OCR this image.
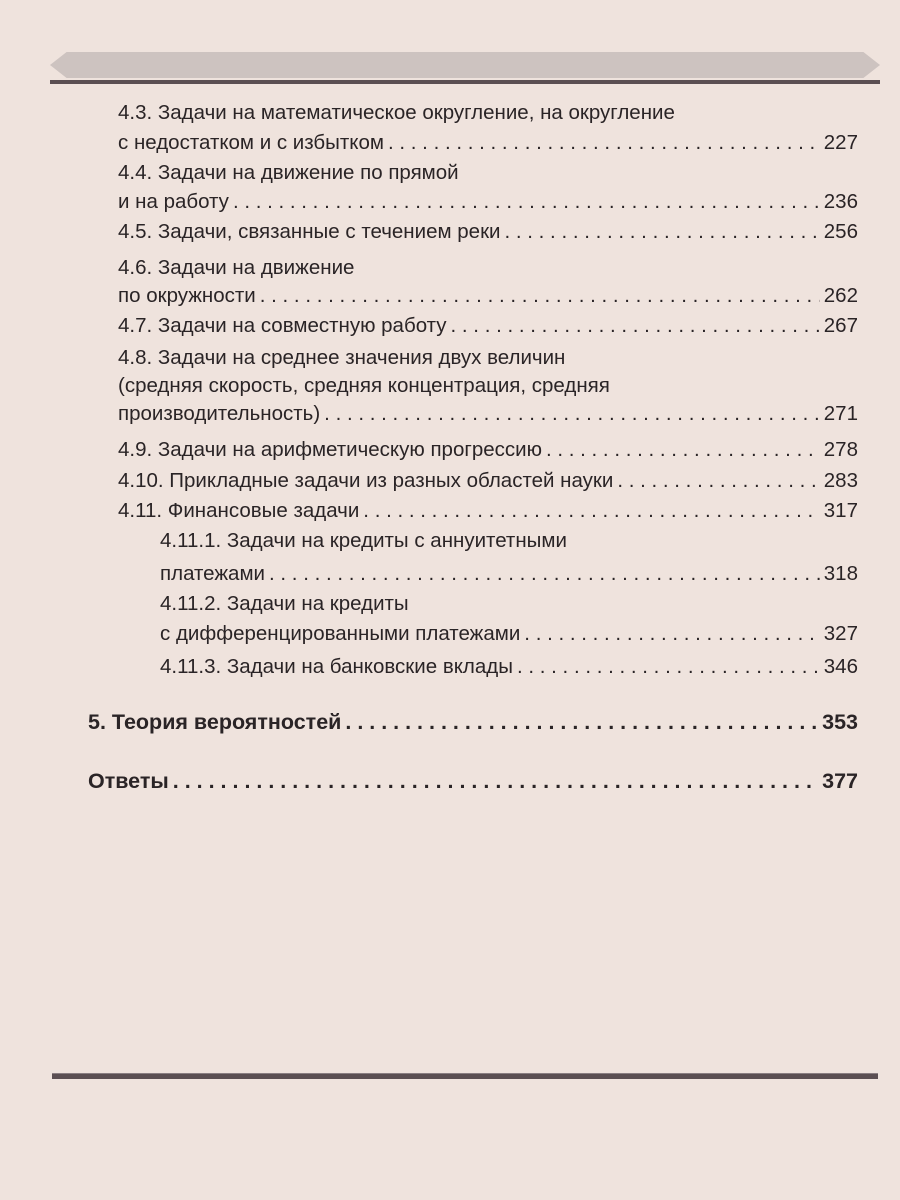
4.3. Задачи на математическое округление, на округление
с недостатком и с избытком . . .	227
4.4. Задачи на движение по прямой
и на работу . . .	236
4.5. Задачи, связанные с течением реки . . .	256
4.6. Задачи на движение
по окружности . . .	262
4.7. Задачи на совместную работу . . .	267
4.8. Задачи на среднее значения двух величин
(средняя скорость, средняя концентрация, средняя
производительность) . . .	271
4.9. Задачи на арифметическую прогрессию . . .	278
4.10. Прикладные задачи из разных областей науки . . .	283
4.11. Финансовые задачи . . .	317
4.11.1. Задачи на кредиты с аннуитетными
платежами . . .	318
4.11.2. Задачи на кредиты
с дифференцированными платежами . . .	327
4.11.3. Задачи на банковские вклады . . .	346
5. Теория вероятностей . . .	353
Ответы . . .	377
